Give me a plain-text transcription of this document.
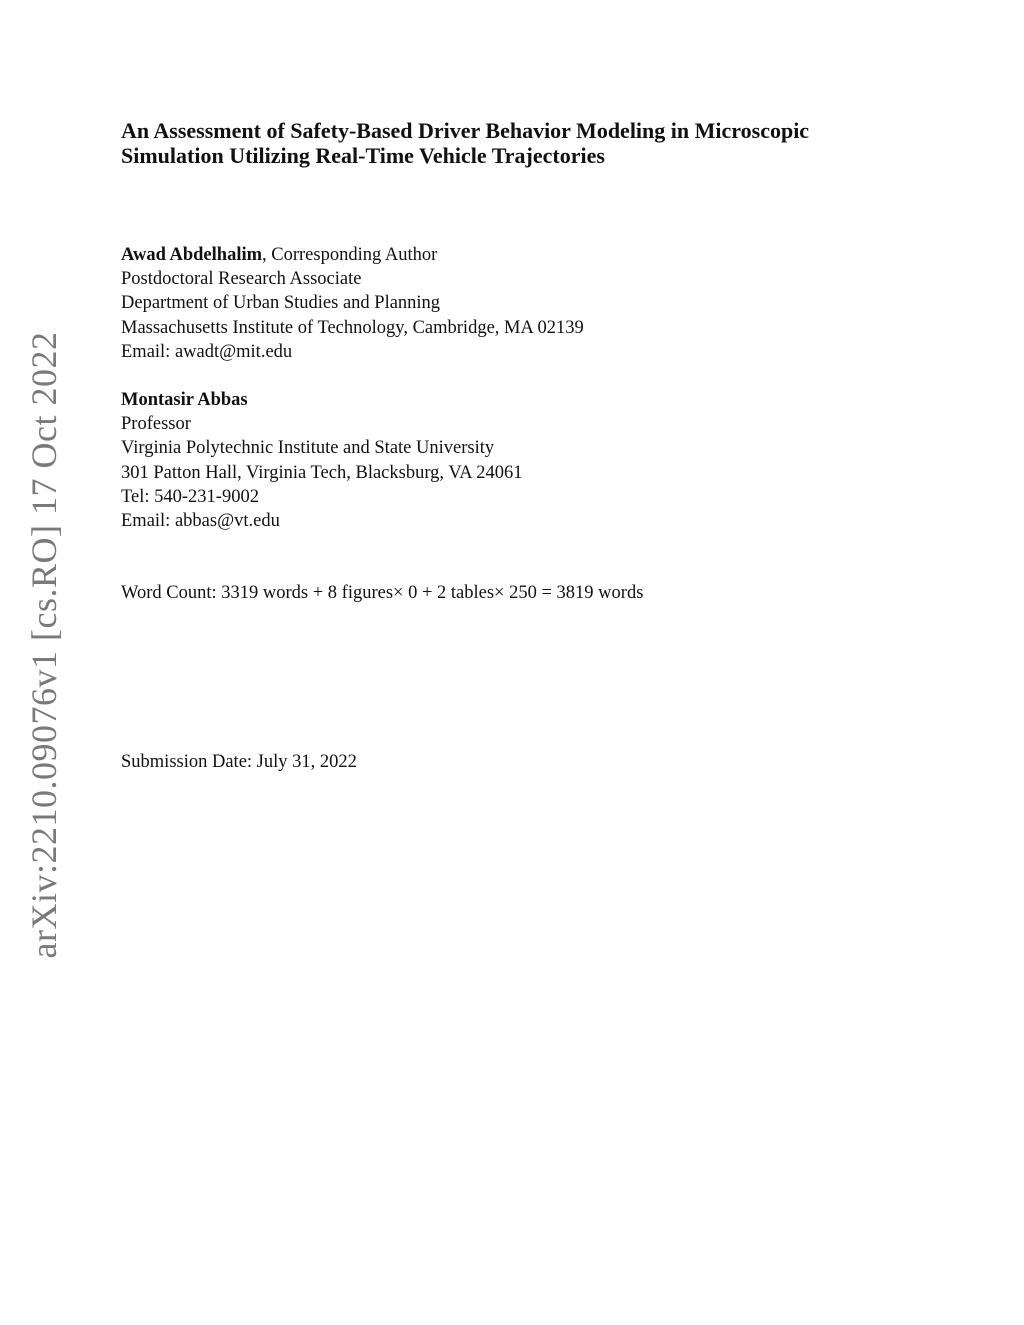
arXiv:2210.09076v1 [cs.RO] 17 Oct 2022
An Assessment of Safety-Based Driver Behavior Modeling in Microscopic
Simulation Utilizing Real-Time Vehicle Trajectories
Awad Abdelhalim, Corresponding Author
Postdoctoral Research Associate
Department of Urban Studies and Planning
Massachusetts Institute of Technology, Cambridge, MA 02139
Email: awadt@mit.edu
Montasir Abbas
Professor
Virginia Polytechnic Institute and State University
301 Patton Hall, Virginia Tech, Blacksburg, VA 24061
Tel: 540-231-9002
Email: abbas@vt.edu
Word Count: 3319 words + 8 figures× 0 + 2 tables× 250 = 3819 words
Submission Date: July 31, 2022
